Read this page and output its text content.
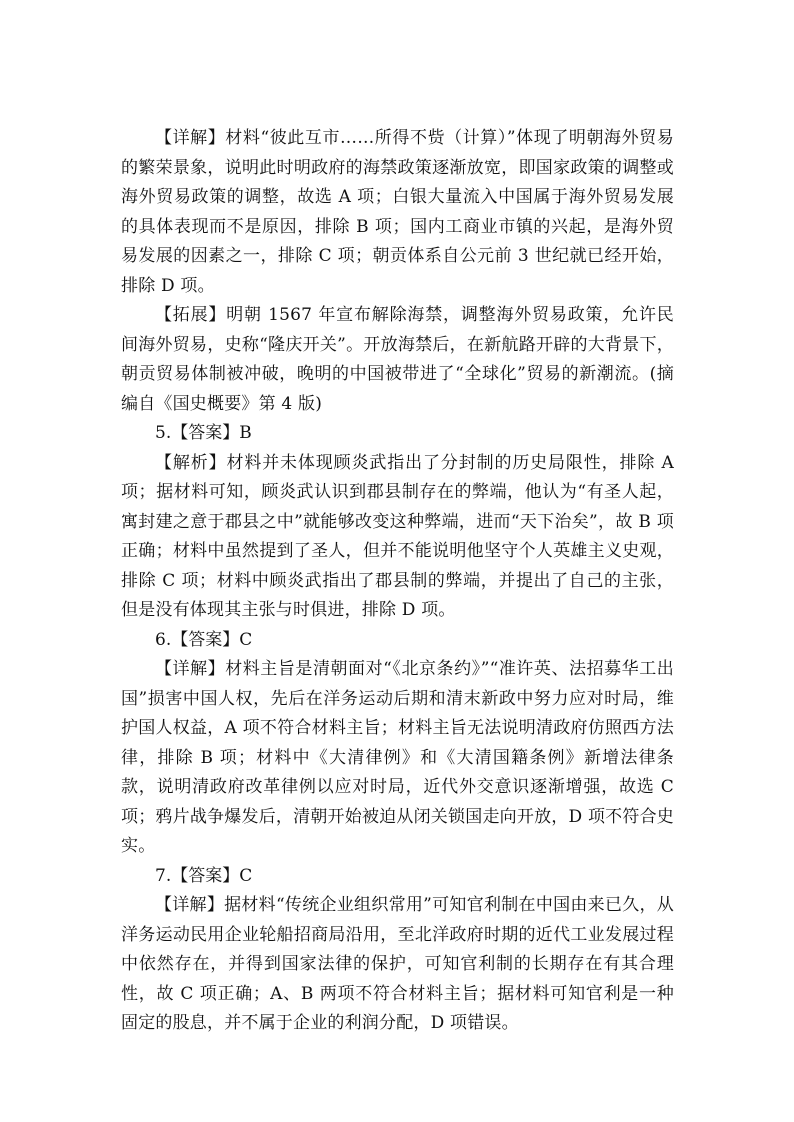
【详解】材料“彼此互市……所得不赀（计算）”体现了明朝海外贸易的繁荣景象，说明此时明政府的海禁政策逐渐放宽，即国家政策的调整或海外贸易政策的调整，故选 A 项；白银大量流入中国属于海外贸易发展的具体表现而不是原因，排除 B 项；国内工商业市镇的兴起，是海外贸易发展的因素之一，排除 C 项；朝贡体系自公元前 3 世纪就已经开始，排除 D 项。

【拓展】明朝 1567 年宣布解除海禁，调整海外贸易政策，允许民间海外贸易，史称“隆庆开关”。开放海禁后，在新航路开辟的大背景下，朝贡贸易体制被冲破，晚明的中国被带进了“全球化”贸易的新潮流。(摘编自《国史概要》第 4 版)

5.【答案】B

【解析】材料并未体现顾炎武指出了分封制的历史局限性，排除 A 项；据材料可知，顾炎武认识到郡县制存在的弊端，他认为“有圣人起，寓封建之意于郡县之中”就能够改变这种弊端，进而“天下治矣”，故 B 项正确；材料中虽然提到了圣人，但并不能说明他坚守个人英雄主义史观，排除 C 项；材料中顾炎武指出了郡县制的弊端，并提出了自己的主张，但是没有体现其主张与时俱进，排除 D 项。

6.【答案】C

【详解】材料主旨是清朝面对“《北京条约》”“准许英、法招募华工出国”损害中国人权，先后在洋务运动后期和清末新政中努力应对时局，维护国人权益，A 项不符合材料主旨；材料主旨无法说明清政府仿照西方法律，排除 B 项；材料中《大清律例》和《大清国籍条例》新增法律条款，说明清政府改革律例以应对时局，近代外交意识逐渐增强，故选 C 项；鸦片战争爆发后，清朝开始被迫从闭关锁国走向开放，D 项不符合史实。

7.【答案】C

【详解】据材料“传统企业组织常用”可知官利制在中国由来已久，从洋务运动民用企业轮船招商局沿用，至北洋政府时期的近代工业发展过程中依然存在，并得到国家法律的保护，可知官利制的长期存在有其合理性，故 C 项正确；A、B 两项不符合材料主旨；据材料可知官利是一种固定的股息，并不属于企业的利润分配，D 项错误。
